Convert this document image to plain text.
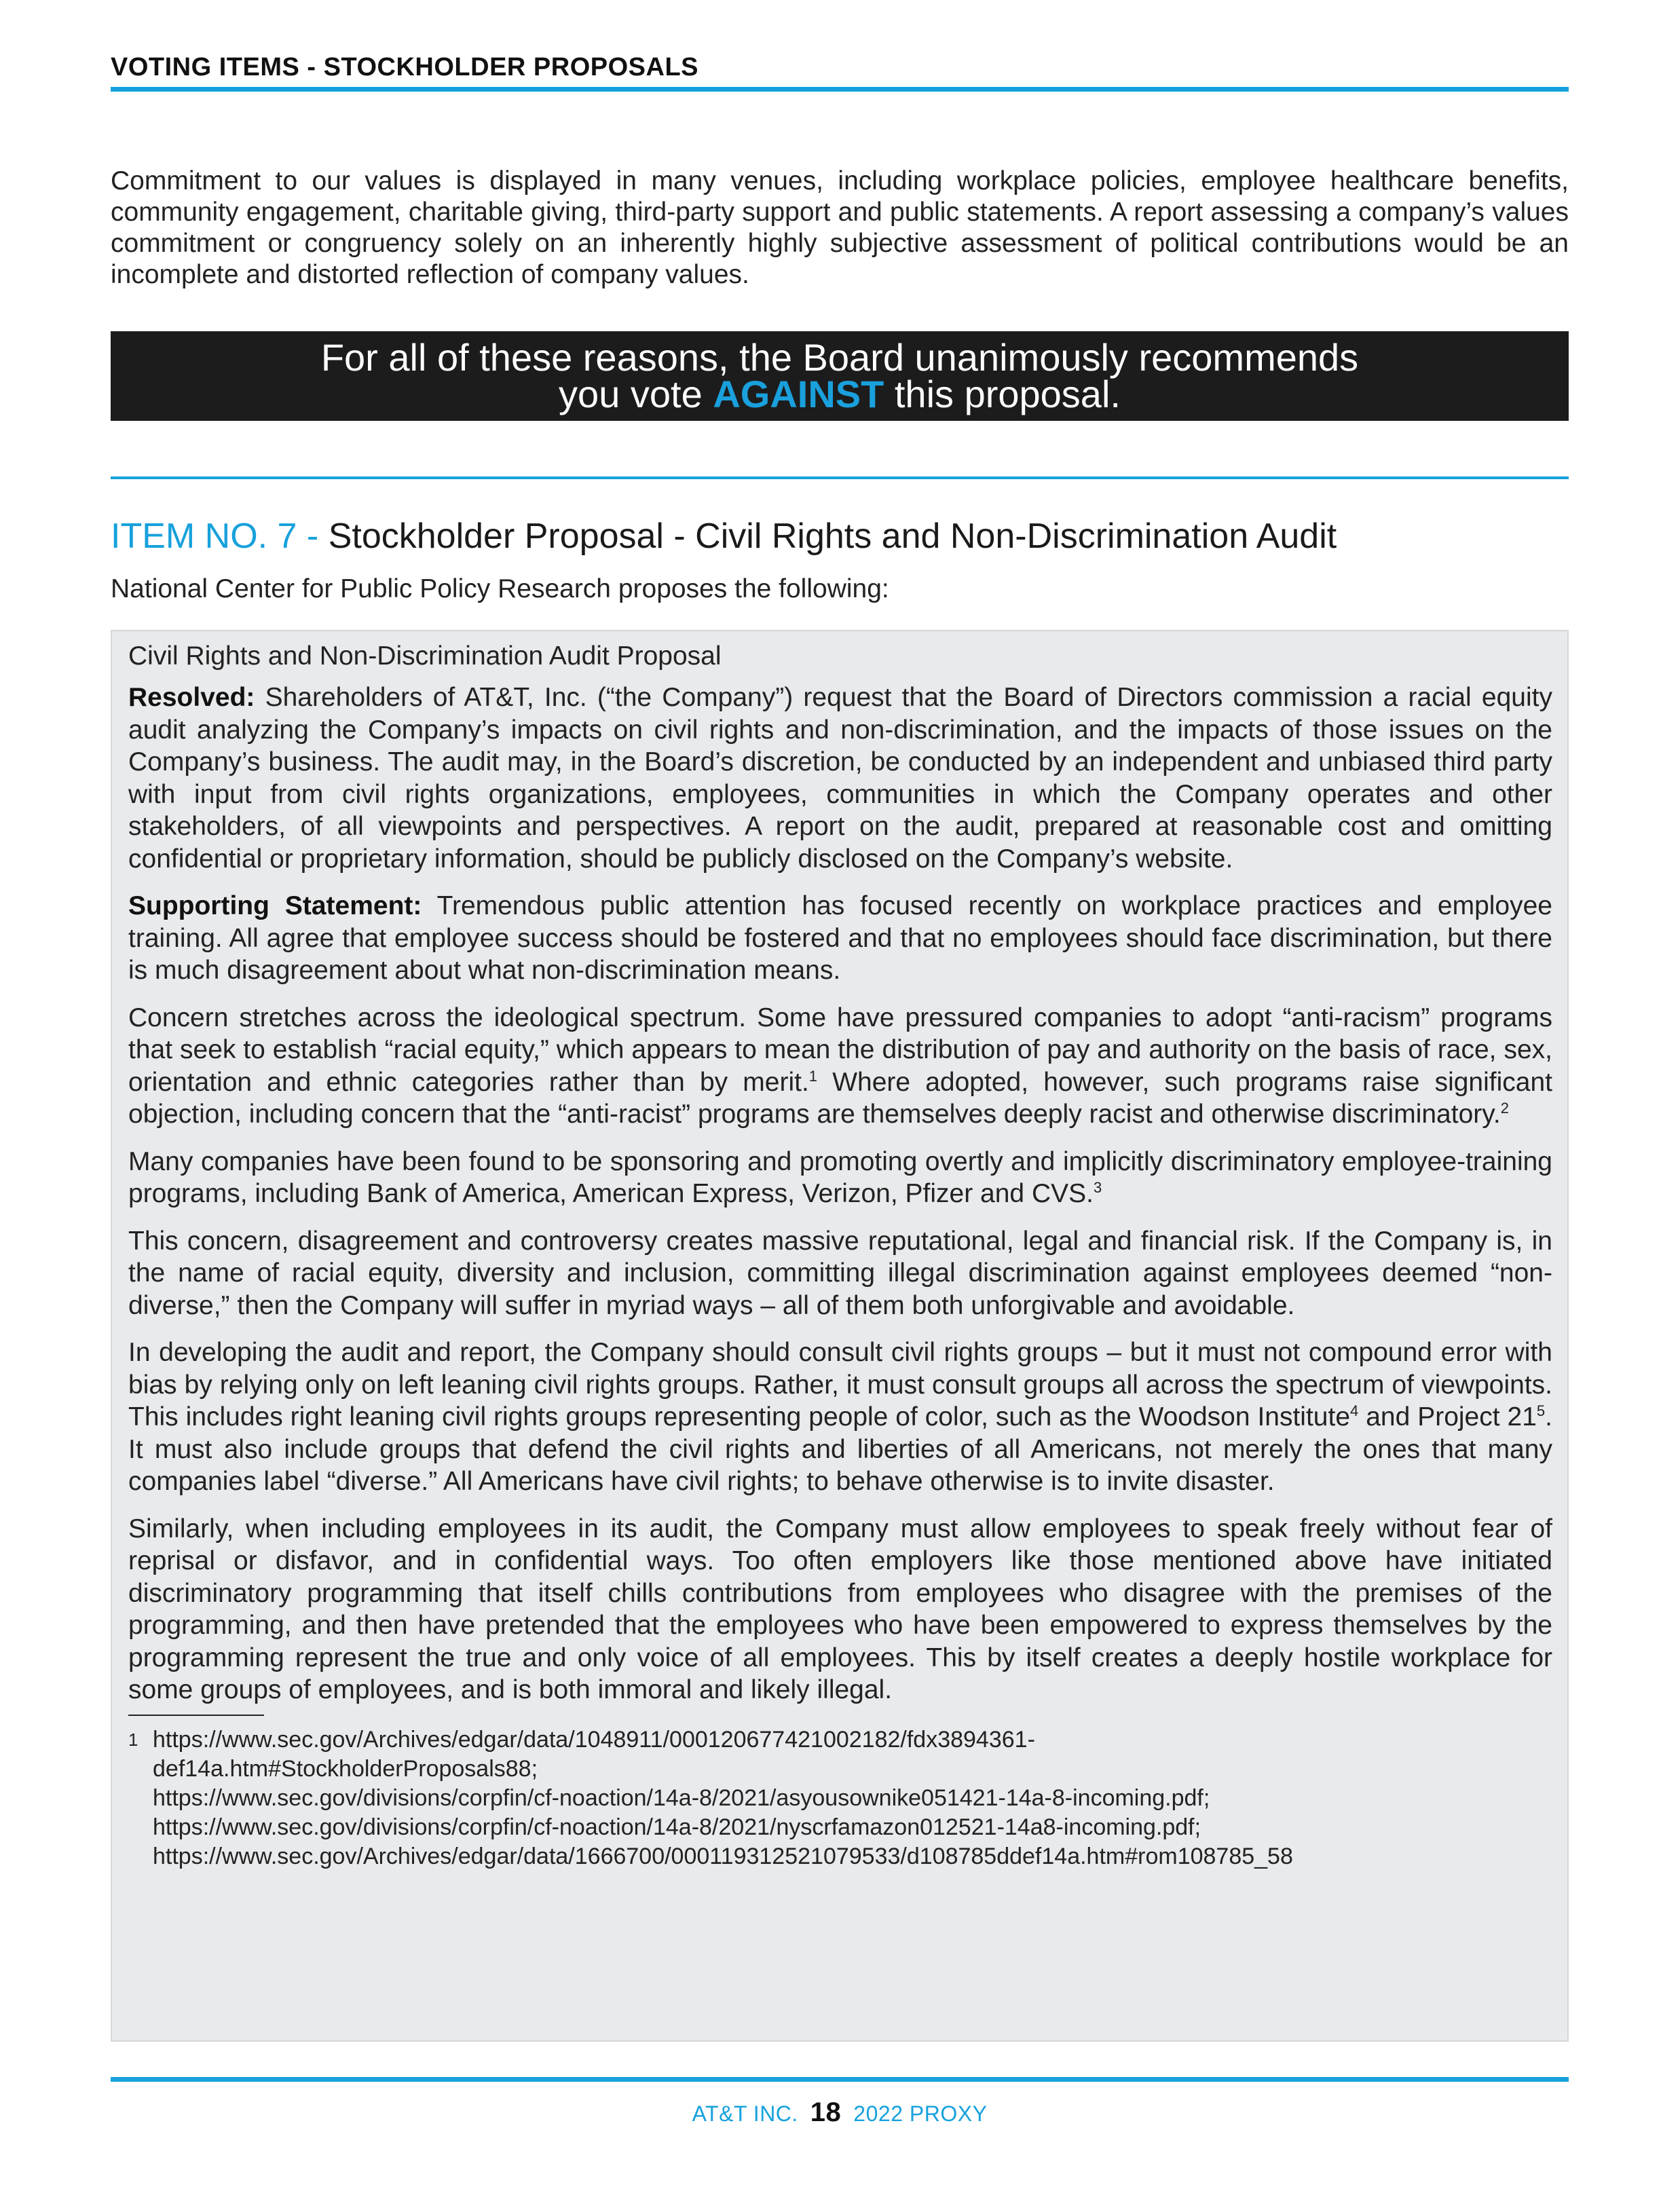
VOTING ITEMS - STOCKHOLDER PROPOSALS
Commitment to our values is displayed in many venues, including workplace policies, employee healthcare benefits, community engagement, charitable giving, third-party support and public statements. A report assessing a company’s values commitment or congruency solely on an inherently highly subjective assessment of political contributions would be an incomplete and distorted reflection of company values.
For all of these reasons, the Board unanimously recommends
you vote AGAINST this proposal.
ITEM NO. 7 - Stockholder Proposal - Civil Rights and Non-Discrimination Audit
National Center for Public Policy Research proposes the following:
Civil Rights and Non-Discrimination Audit Proposal

Resolved: Shareholders of AT&T, Inc. (“the Company”) request that the Board of Directors commission a racial equity audit analyzing the Company’s impacts on civil rights and non-discrimination, and the impacts of those issues on the Company’s business. The audit may, in the Board’s discretion, be conducted by an independent and unbiased third party with input from civil rights organizations, employees, communities in which the Company operates and other stakeholders, of all viewpoints and perspectives. A report on the audit, prepared at reasonable cost and omitting confidential or proprietary information, should be publicly disclosed on the Company’s website.

Supporting Statement: Tremendous public attention has focused recently on workplace practices and employee training. All agree that employee success should be fostered and that no employees should face discrimination, but there is much disagreement about what non-discrimination means.

Concern stretches across the ideological spectrum. Some have pressured companies to adopt “anti-racism” programs that seek to establish “racial equity,” which appears to mean the distribution of pay and authority on the basis of race, sex, orientation and ethnic categories rather than by merit.$^1$ Where adopted, however, such programs raise significant objection, including concern that the “anti-racist” programs are themselves deeply racist and otherwise discriminatory.$^2$

Many companies have been found to be sponsoring and promoting overtly and implicitly discriminatory employee-training programs, including Bank of America, American Express, Verizon, Pfizer and CVS.$^3$

This concern, disagreement and controversy creates massive reputational, legal and financial risk. If the Company is, in the name of racial equity, diversity and inclusion, committing illegal discrimination against employees deemed “non-diverse,” then the Company will suffer in myriad ways – all of them both unforgivable and avoidable.

In developing the audit and report, the Company should consult civil rights groups – but it must not compound error with bias by relying only on left leaning civil rights groups. Rather, it must consult groups all across the spectrum of viewpoints. This includes right leaning civil rights groups representing people of color, such as the Woodson Institute$^4$ and Project $21^5$. It must also include groups that defend the civil rights and liberties of all Americans, not merely the ones that many companies label “diverse.” All Americans have civil rights; to behave otherwise is to invite disaster.

Similarly, when including employees in its audit, the Company must allow employees to speak freely without fear of reprisal or disfavor, and in confidential ways. Too often employers like those mentioned above have initiated discriminatory programming that itself chills contributions from employees who disagree with the premises of the programming, and then have pretended that the employees who have been empowered to express themselves by the programming represent the true and only voice of all employees. This by itself creates a deeply hostile workplace for some groups of employees, and is both immoral and likely illegal.

1 https://www.sec.gov/Archives/edgar/data/1048911/000120677421002182/fdx3894361-
def14a.htm#StockholderProposals88;
https://www.sec.gov/divisions/corpfin/cf-noaction/14a-8/2021/asyousownike051421-14a-8-incoming.pdf;
https://www.sec.gov/divisions/corpfin/cf-noaction/14a-8/2021/nyscrfamazon012521-14a8-incoming.pdf;
https://www.sec.gov/Archives/edgar/data/1666700/000119312521079533/d108785ddef14a.htm#rom108785_58
AT&T INC. 18 2022 PROXY
